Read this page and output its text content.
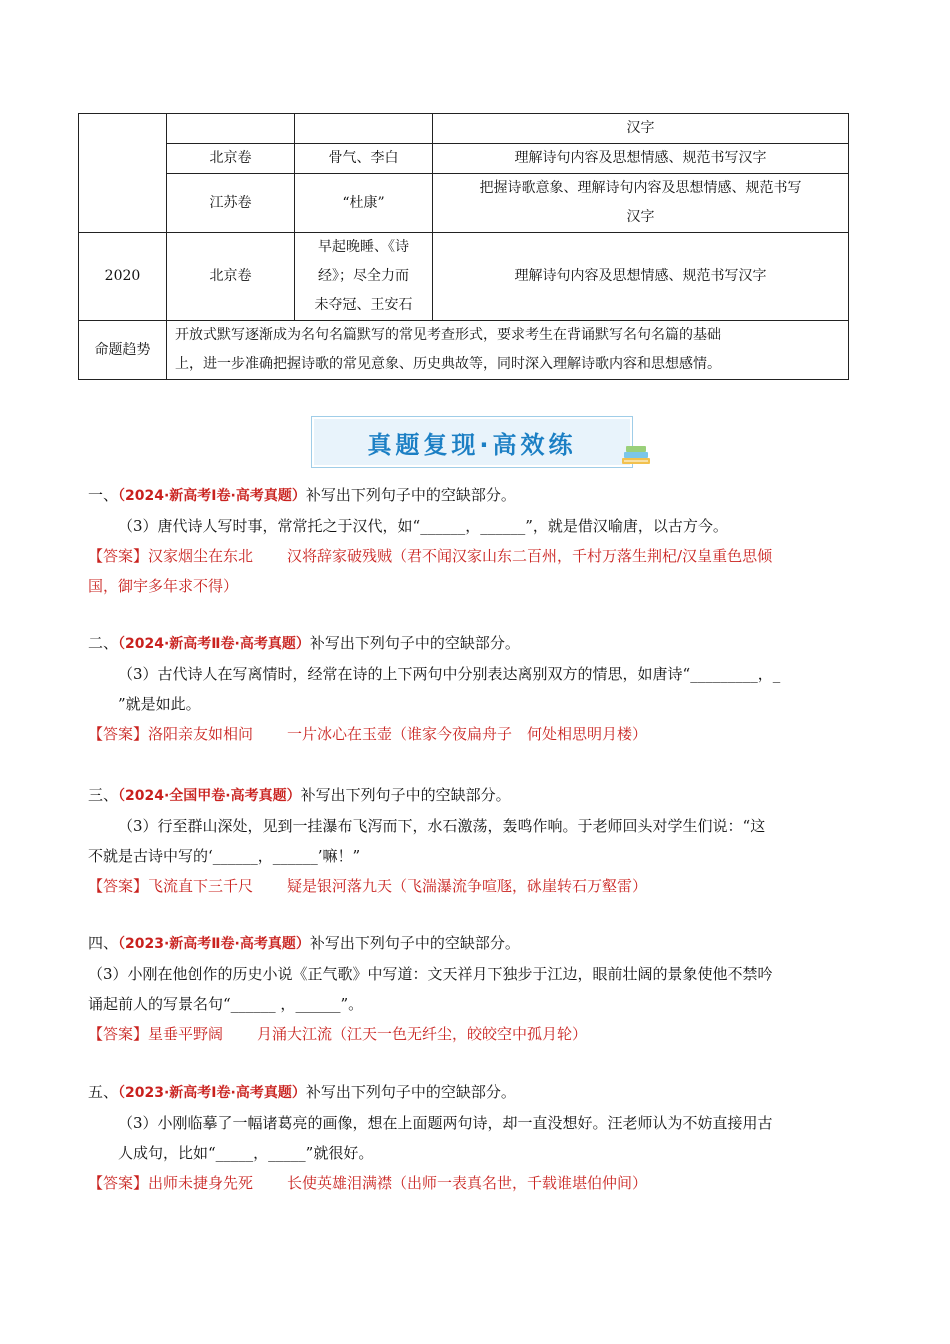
			汉字
	北京卷	骨气、李白	理解诗句内容及思想情感、规范书写汉字
	江苏卷	“杜康”	把握诗歌意象、理解诗句内容及思想情感、规范书写
汉字

2020	北京卷	早起晚睡、《诗
经》；尽全力而
未夺冠、王安石	理解诗句内容及思想情感、规范书写汉字
命题趋势	开放式默写逐渐成为名句名篇默写的常见考查形式，要求考生在背诵默写名句名篇的基础
上，进一步准确把握诗歌的常见意象、历史典故等，同时深入理解诗歌内容和思想感情。		
真题复现·高效练

一、（2024·新高考Ⅰ卷·高考真题）补写出下列句子中的空缺部分。

（3）唐代诗人写时事，常常托之于汉代，如“______，______”，就是借汉喻唐，以古方今。

【答案】汉家烟尘在东北 汉将辞家破残贼（君不闻汉家山东二百州，千村万落生荆杞/汉皇重色思倾
国，御宇多年求不得）

二、（2024·新高考Ⅱ卷·高考真题）补写出下列句子中的空缺部分。

（3）古代诗人在写离情时，经常在诗的上下两句中分别表达离别双方的情思，如唐诗“_________，_

”就是如此。

【答案】洛阳亲友如相问 一片冰心在玉壶（谁家今夜扁舟子　何处相思明月楼）

三、（2024·全国甲卷·高考真题）补写出下列句子中的空缺部分。

（3）行至群山深处，见到一挂瀑布飞泻而下，水石激荡，轰鸣作响。于老师回头对学生们说：“这

不就是古诗中写的‘______，______’嘛！”

【答案】飞流直下三千尺 疑是银河落九天（飞湍瀑流争喧豗，砯崖转石万壑雷）

四、（2023·新高考Ⅱ卷·高考真题）补写出下列句子中的空缺部分。

（3）小刚在他创作的历史小说《正气歌》中写道：文天祥月下独步于江边，眼前壮阔的景象使他不禁吟

诵起前人的写景名句“______ ，______”。

【答案】星垂平野阔 月涌大江流（江天一色无纤尘，皎皎空中孤月轮）

五、（2023·新高考Ⅰ卷·高考真题）补写出下列句子中的空缺部分。

（3）小刚临摹了一幅诸葛亮的画像，想在上面题两句诗，却一直没想好。汪老师认为不妨直接用古

人成句，比如“_____，_____”就很好。

【答案】出师未捷身先死 长使英雄泪满襟（出师一表真名世，千载谁堪伯仲间）
